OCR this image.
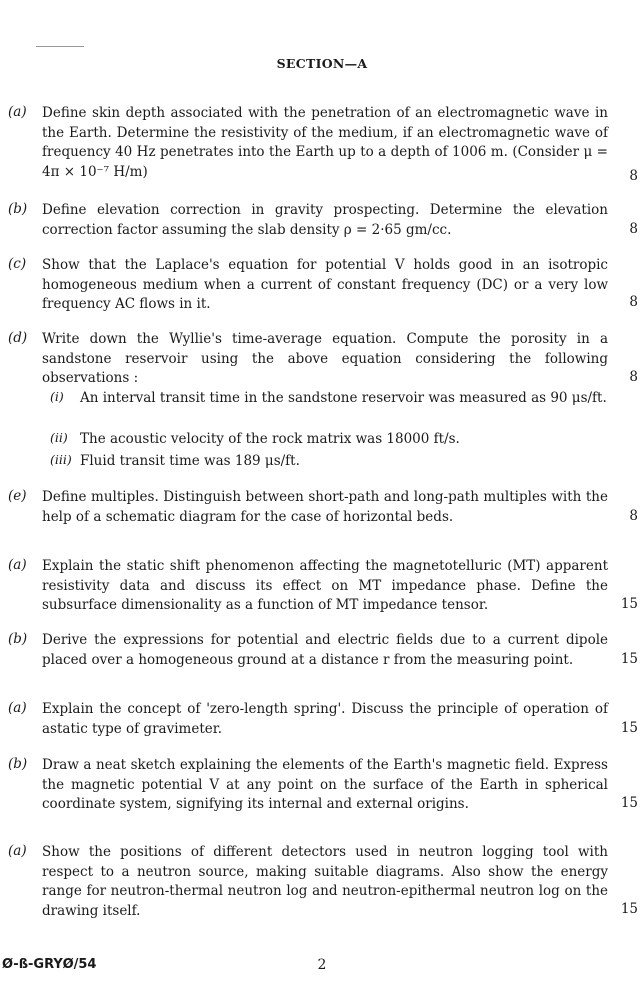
SECTION—A
(a) Define skin depth associated with the penetration of an electromagnetic wave in the Earth. Determine the resistivity of the medium, if an electromagnetic wave of frequency 40 Hz penetrates into the Earth up to a depth of 1006 m. (Consider μ = 4π × 10⁻⁷ H/m)	8
(b) Define elevation correction in gravity prospecting. Determine the elevation correction factor assuming the slab density ρ = 2·65 gm/cc.	8
(c) Show that the Laplace's equation for potential V holds good in an isotropic homogeneous medium when a current of constant frequency (DC) or a very low frequency AC flows in it.	8
(d) Write down the Wyllie's time-average equation. Compute the porosity in a sandstone reservoir using the above equation considering the following observations :	8
(i) An interval transit time in the sandstone reservoir was measured as 90 μs/ft.
(ii) The acoustic velocity of the rock matrix was 18000 ft/s.
(iii) Fluid transit time was 189 μs/ft.
(e) Define multiples. Distinguish between short-path and long-path multiples with the help of a schematic diagram for the case of horizontal beds.	8
(a) Explain the static shift phenomenon affecting the magnetotelluric (MT) apparent resistivity data and discuss its effect on MT impedance phase. Define the subsurface dimensionality as a function of MT impedance tensor.	15
(b) Derive the expressions for potential and electric fields due to a current dipole placed over a homogeneous ground at a distance r from the measuring point.	15
(a) Explain the concept of 'zero-length spring'. Discuss the principle of operation of astatic type of gravimeter.	15
(b) Draw a neat sketch explaining the elements of the Earth's magnetic field. Express the magnetic potential V at any point on the surface of the Earth in spherical coordinate system, signifying its internal and external origins.	15
(a) Show the positions of different detectors used in neutron logging tool with respect to a neutron source, making suitable diagrams. Also show the energy range for neutron-thermal neutron log and neutron-epithermal neutron log on the drawing itself.	15
Ø-ß-GRYØ/54	2
